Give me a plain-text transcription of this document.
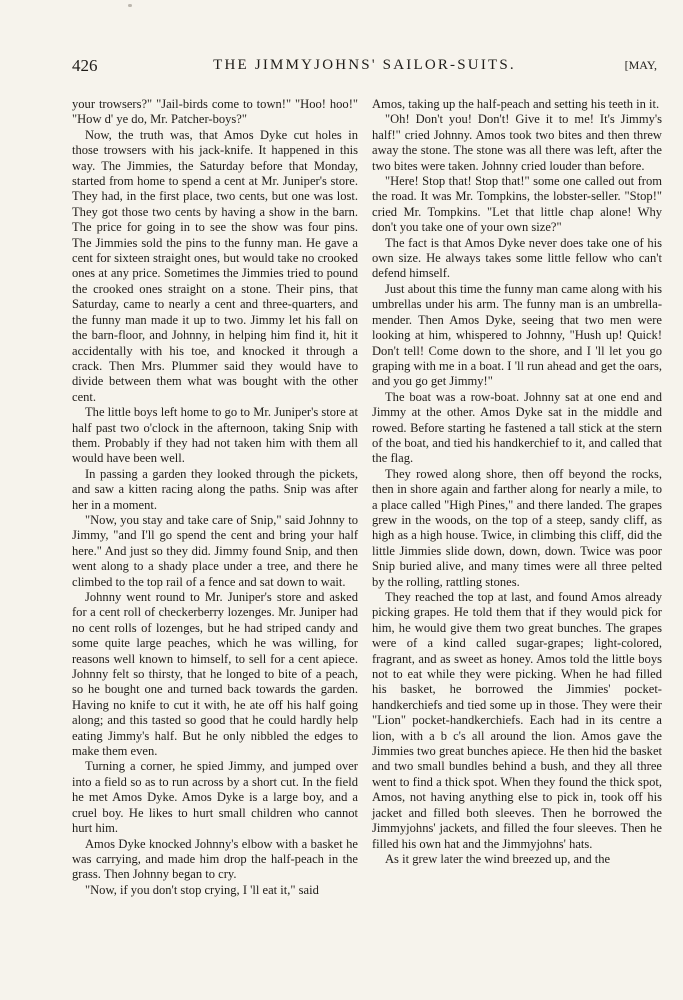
426	THE JIMMYJOHNS' SAILOR-SUITS.	[MAY,

your trowsers?" "Jail-birds come to town!" "Hoo! hoo!" "How d' ye do, Mr. Patcher-boys?"

Now, the truth was, that Amos Dyke cut holes in those trowsers with his jack-knife. It happened in this way. The Jimmies, the Saturday before that Monday, started from home to spend a cent at Mr. Juniper's store. They had, in the first place, two cents, but one was lost. They got those two cents by having a show in the barn. The price for going in to see the show was four pins. The Jimmies sold the pins to the funny man. He gave a cent for sixteen straight ones, but would take no crooked ones at any price. Sometimes the Jimmies tried to pound the crooked ones straight on a stone. Their pins, that Saturday, came to nearly a cent and three-quarters, and the funny man made it up to two. Jimmy let his fall on the barn-floor, and Johnny, in helping him find it, hit it accidentally with his toe, and knocked it through a crack. Then Mrs. Plummer said they would have to divide between them what was bought with the other cent.

The little boys left home to go to Mr. Juniper's store at half past two o'clock in the afternoon, taking Snip with them. Probably if they had not taken him with them all would have been well.

In passing a garden they looked through the pickets, and saw a kitten racing along the paths. Snip was after her in a moment.

"Now, you stay and take care of Snip," said Johnny to Jimmy, "and I'll go spend the cent and bring your half here." And just so they did. Jimmy found Snip, and then went along to a shady place under a tree, and there he climbed to the top rail of a fence and sat down to wait.

Johnny went round to Mr. Juniper's store and asked for a cent roll of checkerberry lozenges. Mr. Juniper had no cent rolls of lozenges, but he had striped candy and some quite large peaches, which he was willing, for reasons well known to himself, to sell for a cent apiece. Johnny felt so thirsty, that he longed to bite of a peach, so he bought one and turned back towards the garden. Having no knife to cut it with, he ate off his half going along; and this tasted so good that he could hardly help eating Jimmy's half. But he only nibbled the edges to make them even.

Turning a corner, he spied Jimmy, and jumped over into a field so as to run across by a short cut. In the field he met Amos Dyke. Amos Dyke is a large boy, and a cruel boy. He likes to hurt small children who cannot hurt him.

Amos Dyke knocked Johnny's elbow with a basket he was carrying, and made him drop the half-peach in the grass. Then Johnny began to cry.

"Now, if you don't stop crying, I 'll eat it," said

Amos, taking up the half-peach and setting his teeth in it.

"Oh! Don't you! Don't! Give it to me! It's Jimmy's half!" cried Johnny. Amos took two bites and then threw away the stone. The stone was all there was left, after the two bites were taken. Johnny cried louder than before.

"Here! Stop that! Stop that!" some one called out from the road. It was Mr. Tompkins, the lobster-seller. "Stop!" cried Mr. Tompkins. "Let that little chap alone! Why don't you take one of your own size?"

The fact is that Amos Dyke never does take one of his own size. He always takes some little fellow who can't defend himself.

Just about this time the funny man came along with his umbrellas under his arm. The funny man is an umbrella-mender. Then Amos Dyke, seeing that two men were looking at him, whispered to Johnny, "Hush up! Quick! Don't tell! Come down to the shore, and I 'll let you go graping with me in a boat. I 'll run ahead and get the oars, and you go get Jimmy!"

The boat was a row-boat. Johnny sat at one end and Jimmy at the other. Amos Dyke sat in the middle and rowed. Before starting he fastened a tall stick at the stern of the boat, and tied his handkerchief to it, and called that the flag.

They rowed along shore, then off beyond the rocks, then in shore again and farther along for nearly a mile, to a place called "High Pines," and there landed. The grapes grew in the woods, on the top of a steep, sandy cliff, as high as a high house. Twice, in climbing this cliff, did the little Jimmies slide down, down, down. Twice was poor Snip buried alive, and many times were all three pelted by the rolling, rattling stones.

They reached the top at last, and found Amos already picking grapes. He told them that if they would pick for him, he would give them two great bunches. The grapes were of a kind called sugar-grapes; light-colored, fragrant, and as sweet as honey. Amos told the little boys not to eat while they were picking. When he had filled his basket, he borrowed the Jimmies' pocket-handkerchiefs and tied some up in those. They were their "Lion" pocket-handkerchiefs. Each had in its centre a lion, with a b c's all around the lion. Amos gave the Jimmies two great bunches apiece. He then hid the basket and two small bundles behind a bush, and they all three went to find a thick spot. When they found the thick spot, Amos, not having anything else to pick in, took off his jacket and filled both sleeves. Then he borrowed the Jimmyjohns' jackets, and filled the four sleeves. Then he filled his own hat and the Jimmyjohns' hats.

As it grew later the wind breezed up, and the
